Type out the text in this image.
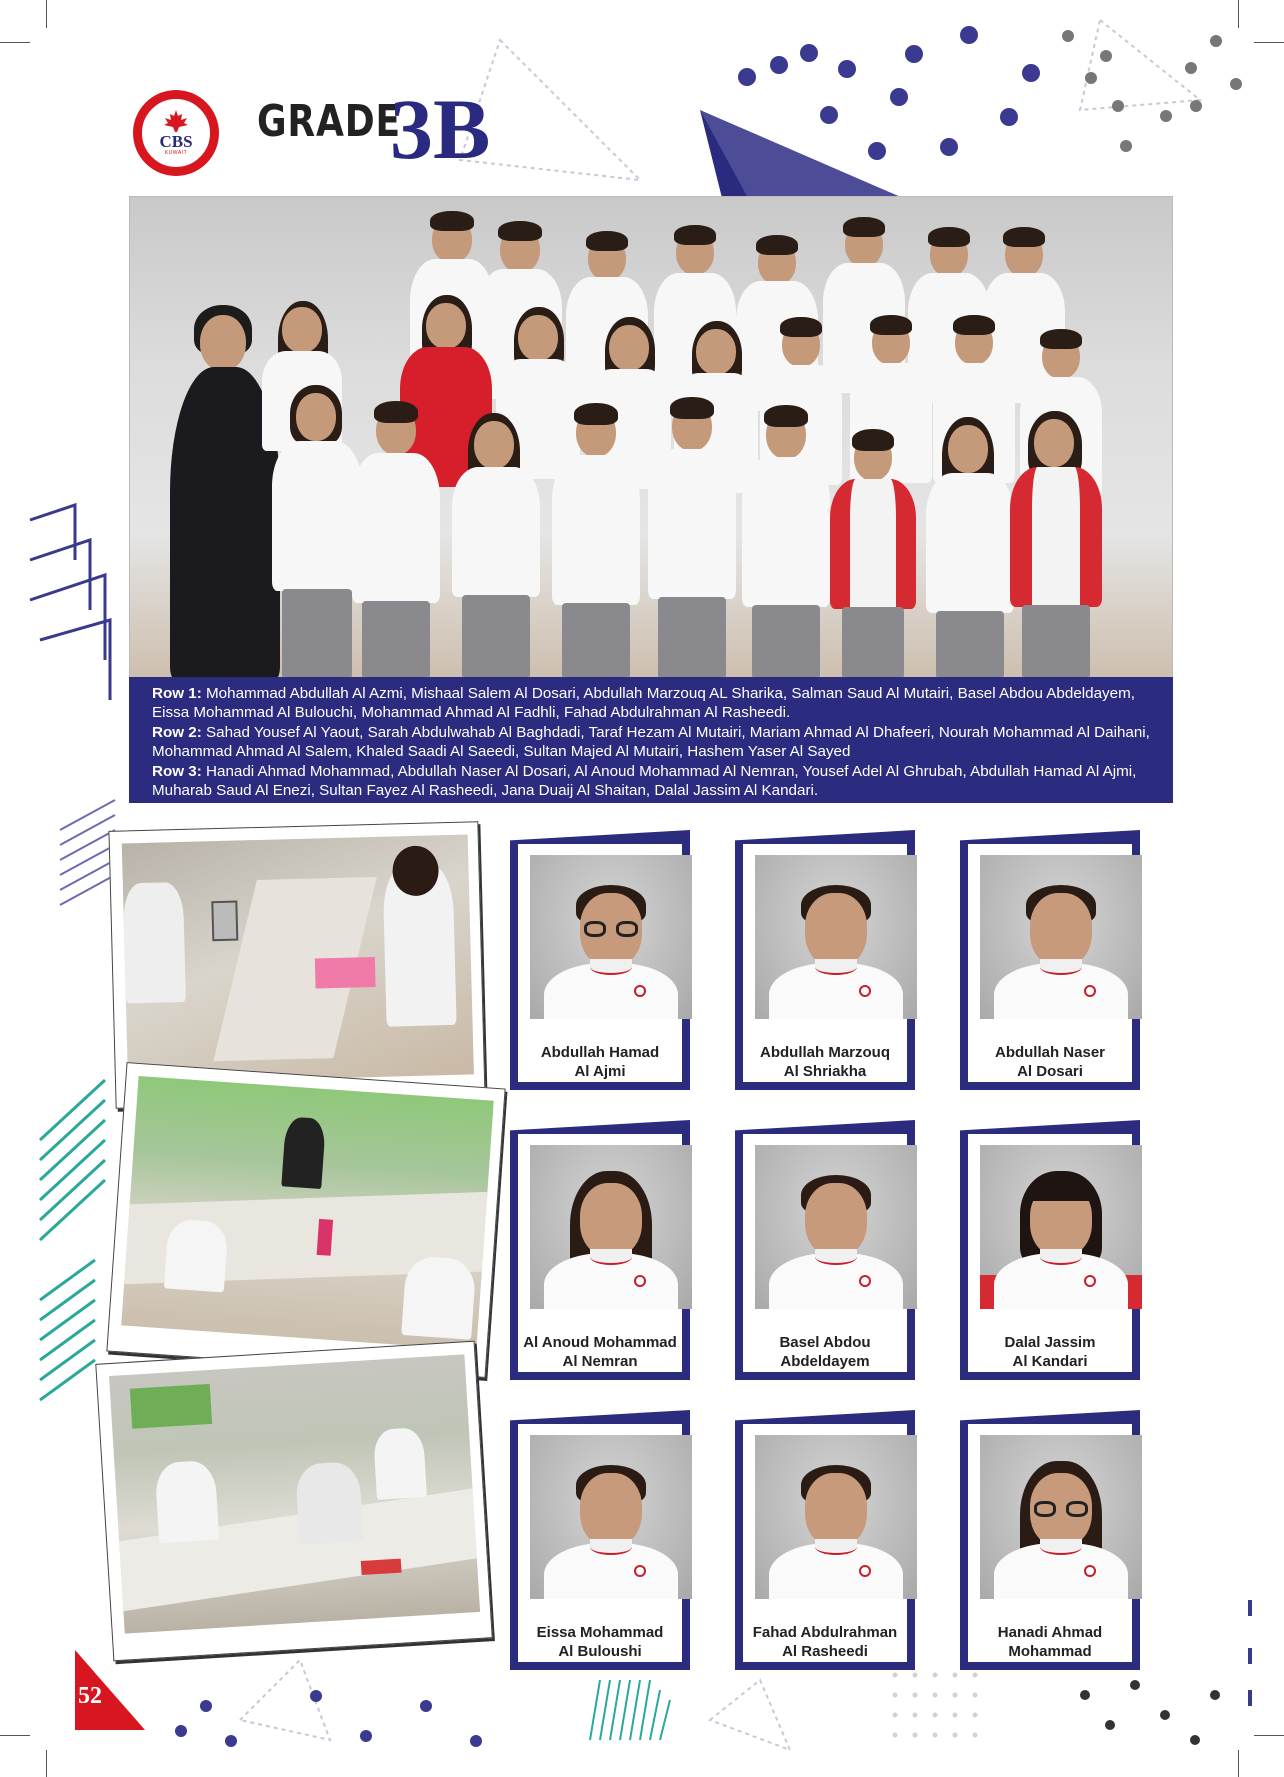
CBS
KUWAIT
GRADE
3B
Row 1: Mohammad Abdullah Al Azmi, Mishaal Salem Al Dosari, Abdullah Marzouq AL Sharika, Salman Saud Al Mutairi, Basel Abdou Abdeldayem, Eissa Mohammad Al Bulouchi, Mohammad Ahmad Al Fadhli, Fahad Abdulrahman Al Rasheedi.
Row 2: Sahad Yousef Al Yaout, Sarah Abdulwahab Al Baghdadi, Taraf Hezam Al Mutairi, Mariam Ahmad Al Dhafeeri, Nourah Mohammad Al Daihani, Mohammad Ahmad Al Salem, Khaled Saadi Al Saeedi, Sultan Majed Al Mutairi, Hashem Yaser Al Sayed
Row 3: Hanadi Ahmad Mohammad, Abdullah Naser Al Dosari, Al Anoud Mohammad Al Nemran, Yousef Adel Al Ghrubah, Abdullah Hamad Al Ajmi, Muharab Saud Al Enezi, Sultan Fayez Al Rasheedi, Jana Duaij Al Shaitan, Dalal Jassim Al Kandari.
Abdullah Hamad
Al Ajmi
Abdullah Marzouq
Al Shriakha
Abdullah Naser
Al Dosari
Al Anoud Mohammad
Al Nemran
Basel Abdou
Abdeldayem
Dalal Jassim
Al Kandari
Eissa Mohammad
Al Buloushi
Fahad Abdulrahman
Al Rasheedi
Hanadi Ahmad
Mohammad
52
